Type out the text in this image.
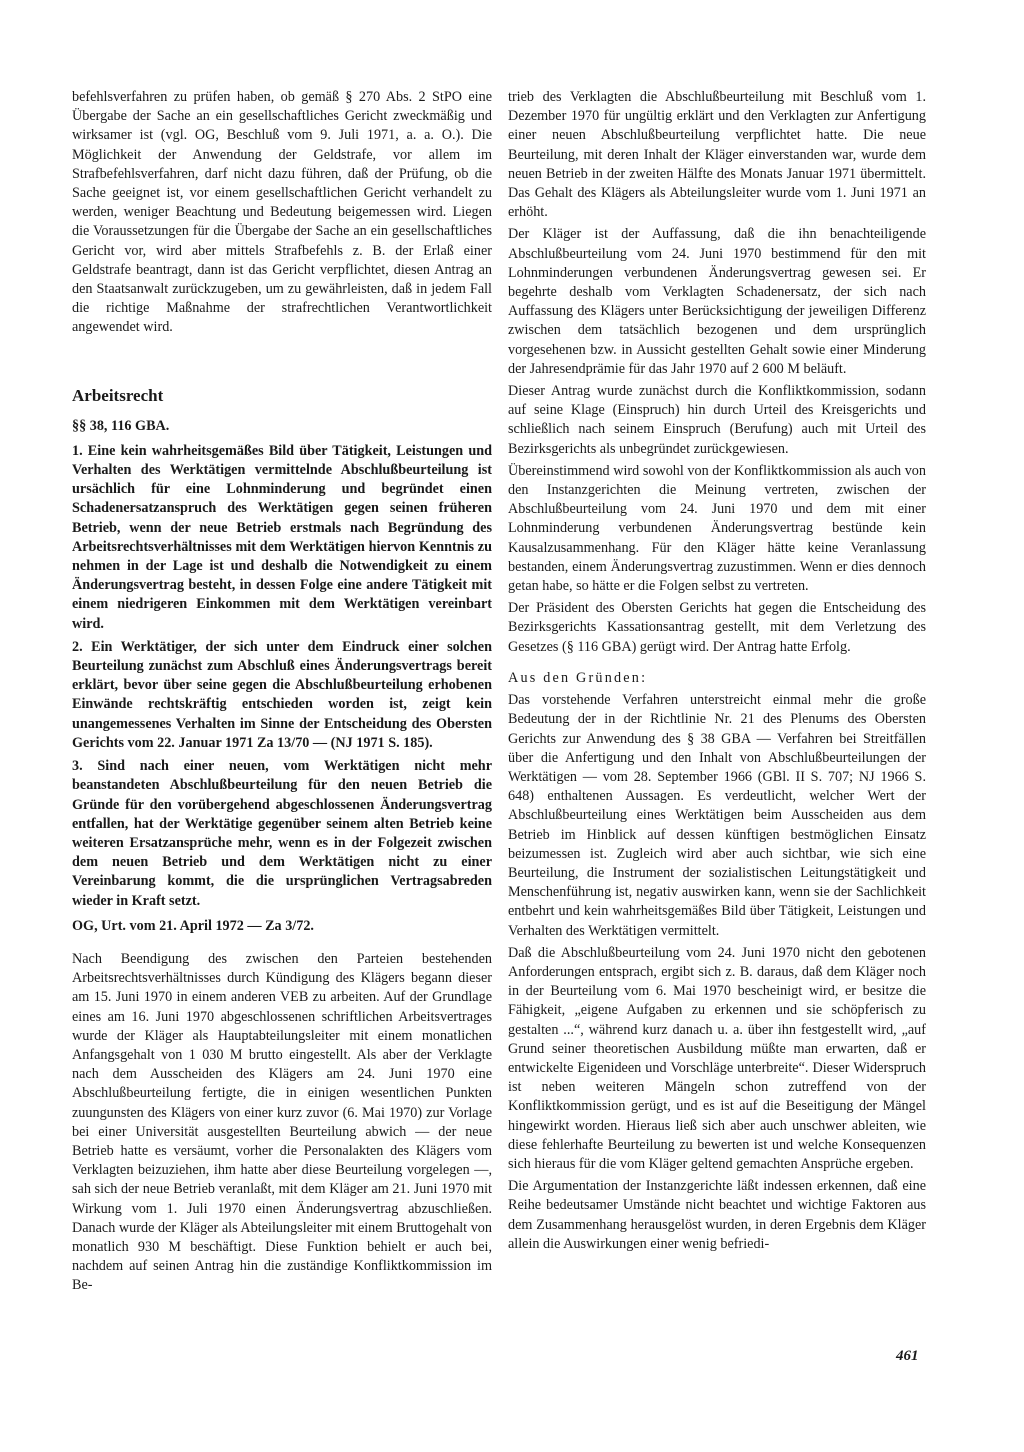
befehlsverfahren zu prüfen haben, ob gemäß § 270 Abs. 2 StPO eine Übergabe der Sache an ein gesellschaftliches Gericht zweckmäßig und wirksamer ist (vgl. OG, Beschluß vom 9. Juli 1971, a. a. O.). Die Möglichkeit der Anwendung der Geldstrafe, vor allem im Strafbefehlsverfahren, darf nicht dazu führen, daß der Prüfung, ob die Sache geeignet ist, vor einem gesellschaftlichen Gericht verhandelt zu werden, weniger Beachtung und Bedeutung beigemessen wird. Liegen die Voraussetzungen für die Übergabe der Sache an ein gesellschaftliches Gericht vor, wird aber mittels Strafbefehls z. B. der Erlaß einer Geldstrafe beantragt, dann ist das Gericht verpflichtet, diesen Antrag an den Staatsanwalt zurückzugeben, um zu gewährleisten, daß in jedem Fall die richtige Maßnahme der strafrechtlichen Verantwortlichkeit angewendet wird.

Arbeitsrecht
§§ 38, 116 GBA.

1. Eine kein wahrheitsgemäßes Bild über Tätigkeit, Leistungen und Verhalten des Werktätigen vermittelnde Abschlußbeurteilung ist ursächlich für eine Lohnminderung und begründet einen Schadenersatzanspruch des Werktätigen gegen seinen früheren Betrieb, wenn der neue Betrieb erstmals nach Begründung des Arbeitsrechtsverhältnisses mit dem Werktätigen hiervon Kenntnis zu nehmen in der Lage ist und deshalb die Notwendigkeit zu einem Änderungsvertrag besteht, in dessen Folge eine andere Tätigkeit mit einem niedrigeren Einkommen mit dem Werktätigen vereinbart wird.

2. Ein Werktätiger, der sich unter dem Eindruck einer solchen Beurteilung zunächst zum Abschluß eines Änderungsvertrags bereit erklärt, bevor über seine gegen die Abschlußbeurteilung erhobenen Einwände rechtskräftig entschieden worden ist, zeigt kein unangemessenes Verhalten im Sinne der Entscheidung des Obersten Gerichts vom 22. Januar 1971 Za 13/70 — (NJ 1971 S. 185).

3. Sind nach einer neuen, vom Werktätigen nicht mehr beanstandeten Abschlußbeurteilung für den neuen Betrieb die Gründe für den vorübergehend abgeschlossenen Änderungsvertrag entfallen, hat der Werktätige gegenüber seinem alten Betrieb keine weiteren Ersatzansprüche mehr, wenn es in der Folgezeit zwischen dem neuen Betrieb und dem Werktätigen nicht zu einer Vereinbarung kommt, die die ursprünglichen Vertragsabreden wieder in Kraft setzt.

OG, Urt. vom 21. April 1972 — Za 3/72.

Nach Beendigung des zwischen den Parteien bestehenden Arbeitsrechtsverhältnisses durch Kündigung des Klägers begann dieser am 15. Juni 1970 in einem anderen VEB zu arbeiten. Auf der Grundlage eines am 16. Juni 1970 abgeschlossenen schriftlichen Arbeitsvertrages wurde der Kläger als Hauptabteilungsleiter mit einem monatlichen Anfangsgehalt von 1 030 M brutto eingestellt. Als aber der Verklagte nach dem Ausscheiden des Klägers am 24. Juni 1970 eine Abschlußbeurteilung fertigte, die in einigen wesentlichen Punkten zuungunsten des Klägers von einer kurz zuvor (6. Mai 1970) zur Vorlage bei einer Universität ausgestellten Beurteilung abwich — der neue Betrieb hatte es versäumt, vorher die Personalakten des Klägers vom Verklagten beizuziehen, ihm hatte aber diese Beurteilung vorgelegen —, sah sich der neue Betrieb veranlaßt, mit dem Kläger am 21. Juni 1970 mit Wirkung vom 1. Juli 1970 einen Änderungsvertrag abzuschließen. Danach wurde der Kläger als Abteilungsleiter mit einem Bruttogehalt von monatlich 930 M beschäftigt. Diese Funktion behielt er auch bei, nachdem auf seinen Antrag hin die zuständige Konfliktkommission im Be-

trieb des Verklagten die Abschlußbeurteilung mit Beschluß vom 1. Dezember 1970 für ungültig erklärt und den Verklagten zur Anfertigung einer neuen Abschlußbeurteilung verpflichtet hatte. Die neue Beurteilung, mit deren Inhalt der Kläger einverstanden war, wurde dem neuen Betrieb in der zweiten Hälfte des Monats Januar 1971 übermittelt. Das Gehalt des Klägers als Abteilungsleiter wurde vom 1. Juni 1971 an erhöht.

Der Kläger ist der Auffassung, daß die ihn benachteiligende Abschlußbeurteilung vom 24. Juni 1970 bestimmend für den mit Lohnminderungen verbundenen Änderungsvertrag gewesen sei. Er begehrte deshalb vom Verklagten Schadenersatz, der sich nach Auffassung des Klägers unter Berücksichtigung der jeweiligen Differenz zwischen dem tatsächlich bezogenen und dem ursprünglich vorgesehenen bzw. in Aussicht gestellten Gehalt sowie einer Minderung der Jahresendprämie für das Jahr 1970 auf 2 600 M beläuft.

Dieser Antrag wurde zunächst durch die Konfliktkommission, sodann auf seine Klage (Einspruch) hin durch Urteil des Kreisgerichts und schließlich nach seinem Einspruch (Berufung) auch mit Urteil des Bezirksgerichts als unbegründet zurückgewiesen.

Übereinstimmend wird sowohl von der Konfliktkommission als auch von den Instanzgerichten die Meinung vertreten, zwischen der Abschlußbeurteilung vom 24. Juni 1970 und dem mit einer Lohnminderung verbundenen Änderungsvertrag bestünde kein Kausalzusammenhang. Für den Kläger hätte keine Veranlassung bestanden, einem Änderungsvertrag zuzustimmen. Wenn er dies dennoch getan habe, so hätte er die Folgen selbst zu vertreten.

Der Präsident des Obersten Gerichts hat gegen die Entscheidung des Bezirksgerichts Kassationsantrag gestellt, mit dem Verletzung des Gesetzes (§ 116 GBA) gerügt wird. Der Antrag hatte Erfolg.

Aus den Gründen:

Das vorstehende Verfahren unterstreicht einmal mehr die große Bedeutung der in der Richtlinie Nr. 21 des Plenums des Obersten Gerichts zur Anwendung des § 38 GBA — Verfahren bei Streitfällen über die Anfertigung und den Inhalt von Abschlußbeurteilungen der Werktätigen — vom 28. September 1966 (GBl. II S. 707; NJ 1966 S. 648) enthaltenen Aussagen. Es verdeutlicht, welcher Wert der Abschlußbeurteilung eines Werktätigen beim Ausscheiden aus dem Betrieb im Hinblick auf dessen künftigen bestmöglichen Einsatz beizumessen ist. Zugleich wird aber auch sichtbar, wie sich eine Beurteilung, die Instrument der sozialistischen Leitungstätigkeit und Menschenführung ist, negativ auswirken kann, wenn sie der Sachlichkeit entbehrt und kein wahrheitsgemäßes Bild über Tätigkeit, Leistungen und Verhalten des Werktätigen vermittelt.

Daß die Abschlußbeurteilung vom 24. Juni 1970 nicht den gebotenen Anforderungen entsprach, ergibt sich z. B. daraus, daß dem Kläger noch in der Beurteilung vom 6. Mai 1970 bescheinigt wird, er besitze die Fähigkeit, „eigene Aufgaben zu erkennen und sie schöpferisch zu gestalten ...“, während kurz danach u. a. über ihn festgestellt wird, „auf Grund seiner theoretischen Ausbildung müßte man erwarten, daß er entwickelte Eigenideen und Vorschläge unterbreite“. Dieser Widerspruch ist neben weiteren Mängeln schon zutreffend von der Konfliktkommission gerügt, und es ist auf die Beseitigung der Mängel hingewirkt worden. Hieraus ließ sich aber auch unschwer ableiten, wie diese fehlerhafte Beurteilung zu bewerten ist und welche Konsequenzen sich hieraus für die vom Kläger geltend gemachten Ansprüche ergeben.

Die Argumentation der Instanzgerichte läßt indessen erkennen, daß eine Reihe bedeutsamer Umstände nicht beachtet und wichtige Faktoren aus dem Zusammenhang herausgelöst wurden, in deren Ergebnis dem Kläger allein die Auswirkungen einer wenig befriedi-

461
